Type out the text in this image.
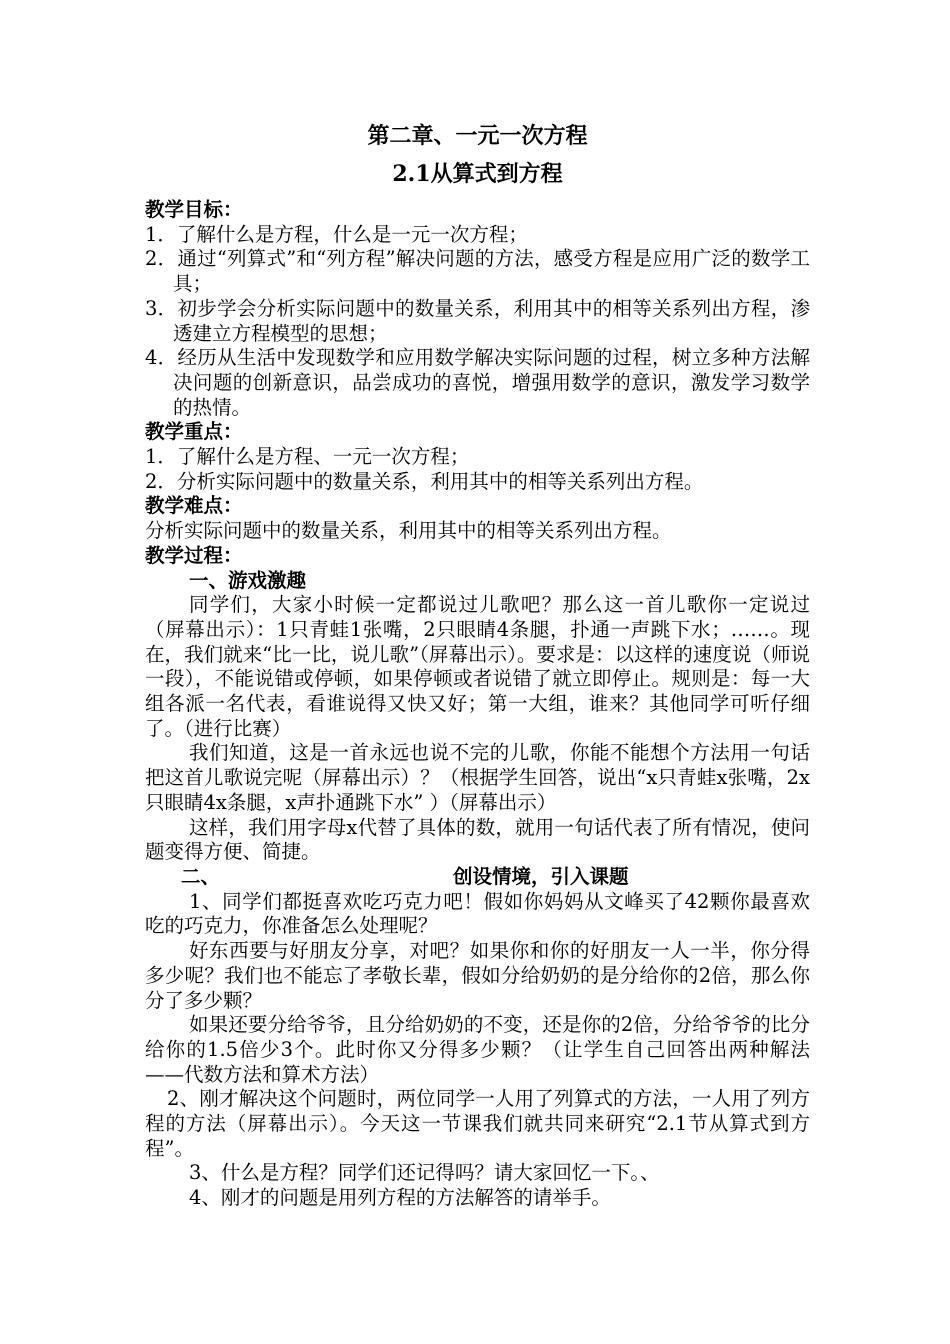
第二章、一元一次方程

2.1从算式到方程

教学目标：

1．了解什么是方程，什么是一元一次方程；

2．通过“列算式”和“列方程”解决问题的方法，感受方程是应用广泛的数学工具；

3．初步学会分析实际问题中的数量关系，利用其中的相等关系列出方程，渗透建立方程模型的思想；

4．经历从生活中发现数学和应用数学解决实际问题的过程，树立多种方法解决问题的创新意识，品尝成功的喜悦，增强用数学的意识，激发学习数学的热情。

教学重点：

1．了解什么是方程、一元一次方程；

2．分析实际问题中的数量关系，利用其中的相等关系列出方程。

教学难点：

分析实际问题中的数量关系，利用其中的相等关系列出方程。

教学过程：

一、游戏激趣

同学们，大家小时候一定都说过儿歌吧？那么这一首儿歌你一定说过（屏幕出示）：1只青蛙1张嘴，2只眼睛4条腿，扑通一声跳下水；……。现在，我们就来“比一比，说儿歌”（屏幕出示）。要求是：以这样的速度说（师说一段），不能说错或停顿，如果停顿或者说错了就立即停止。规则是：每一大组各派一名代表，看谁说得又快又好；第一大组，谁来？其他同学可听仔细了。（进行比赛）

我们知道，这是一首永远也说不完的儿歌，你能不能想个方法用一句话把这首儿歌说完呢（屏幕出示）？（根据学生回答，说出“x只青蛙x张嘴，2x只眼睛4x条腿，x声扑通跳下水” ）（屏幕出示）

这样，我们用字母x代替了具体的数，就用一句话代表了所有情况，使问题变得方便、简捷。

二、	创设情境，引入课题

1、同学们都挺喜欢吃巧克力吧！假如你妈妈从文峰买了42颗你最喜欢吃的巧克力，你准备怎么处理呢？

好东西要与好朋友分享，对吧？如果你和你的好朋友一人一半，你分得多少呢？我们也不能忘了孝敬长辈，假如分给奶奶的是分给你的2倍，那么你分了多少颗？

如果还要分给爷爷，且分给奶奶的不变，还是你的2倍，分给爷爷的比分给你的1.5倍少3个。此时你又分得多少颗？（让学生自己回答出两种解法——代数方法和算术方法）

2、刚才解决这个问题时，两位同学一人用了列算式的方法，一人用了列方程的方法（屏幕出示）。今天这一节课我们就共同来研究“2.1节从算式到方程”。

3、什么是方程？同学们还记得吗？请大家回忆一下。、

4、刚才的问题是用列方程的方法解答的请举手。
